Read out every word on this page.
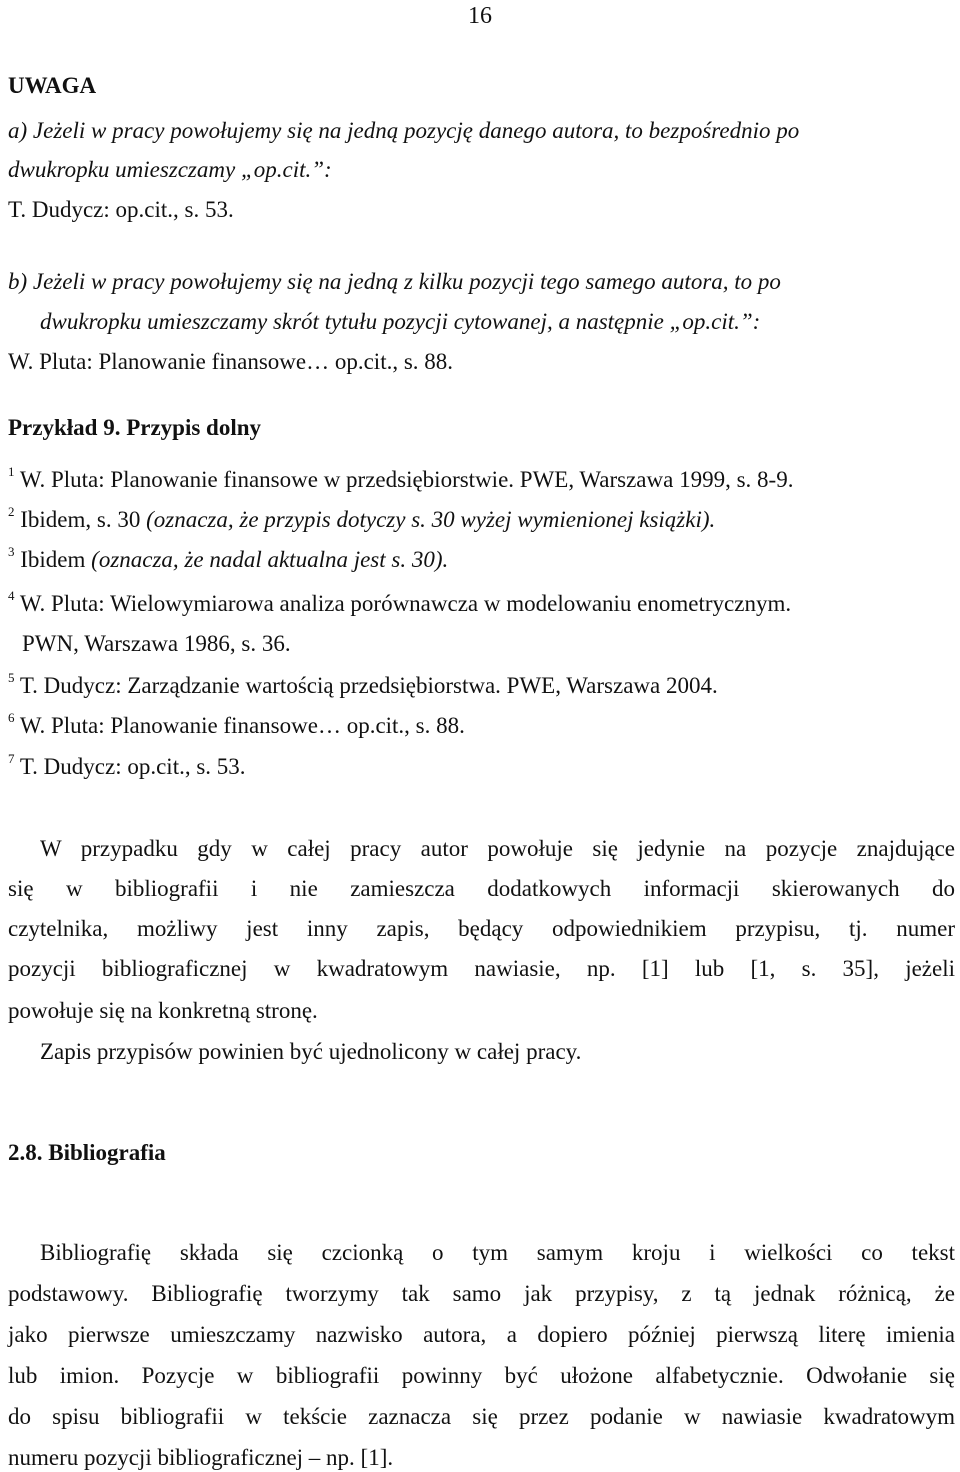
16
UWAGA
a) Jeżeli w pracy powołujemy się na jedną pozycję danego autora, to bezpośrednio po
dwukropku umieszczamy „op.cit.”:
T. Dudycz: op.cit., s. 53.
b) Jeżeli w pracy powołujemy się na jedną z kilku pozycji tego samego autora, to po
dwukropku umieszczamy skrót tytułu pozycji cytowanej, a następnie „op.cit.”:
W. Pluta: Planowanie finansowe… op.cit., s. 88.
Przykład 9. Przypis dolny
$^1$ W. Pluta: Planowanie finansowe w przedsiębiorstwie. PWE, Warszawa 1999, s. 8-9.
$^2$ Ibidem, s. 30 (oznacza, że przypis dotyczy s. 30 wyżej wymienionej książki).
$^3$ Ibidem (oznacza, że nadal aktualna jest s. 30).
$^4$ W. Pluta: Wielowymiarowa analiza porównawcza w modelowaniu enometrycznym.
PWN, Warszawa 1986, s. 36.
$^5$ T. Dudycz: Zarządzanie wartością przedsiębiorstwa. PWE, Warszawa 2004.
$^6$ W. Pluta: Planowanie finansowe… op.cit., s. 88.
$^7$ T. Dudycz: op.cit., s. 53.
W przypadku gdy w całej pracy autor powołuje się jedynie na pozycje znajdujące
się w bibliografii i nie zamieszcza dodatkowych informacji skierowanych do
czytelnika, możliwy jest inny zapis, będący odpowiednikiem przypisu, tj. numer
pozycji bibliograficznej w kwadratowym nawiasie, np. [1] lub [1, s. 35], jeżeli
powołuje się na konkretną stronę.
Zapis przypisów powinien być ujednolicony w całej pracy.
2.8. Bibliografia
Bibliografię składa się czcionką o tym samym kroju i wielkości co tekst
podstawowy. Bibliografię tworzymy tak samo jak przypisy, z tą jednak różnicą, że
jako pierwsze umieszczamy nazwisko autora, a dopiero później pierwszą literę imienia
lub imion. Pozycje w bibliografii powinny być ułożone alfabetycznie. Odwołanie się
do spisu bibliografii w tekście zaznacza się przez podanie w nawiasie kwadratowym
numeru pozycji bibliograficznej – np. [1].
